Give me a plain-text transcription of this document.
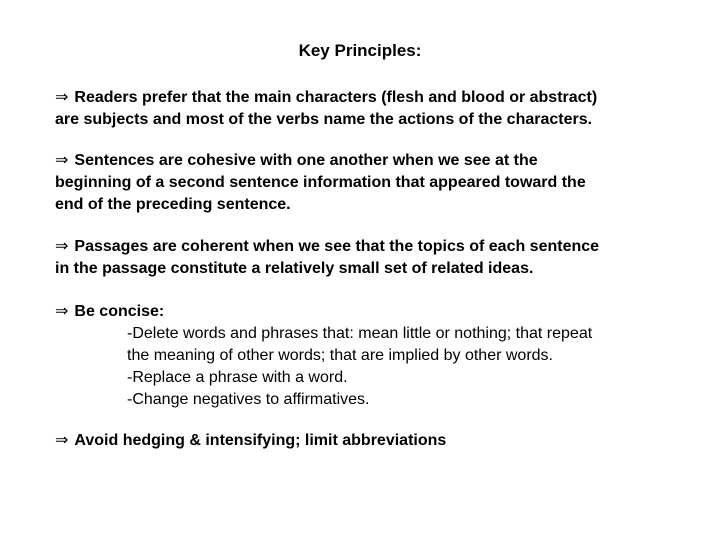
Key Principles:
⇒ Readers prefer that the main characters (flesh and blood or abstract)
are subjects and most of the verbs name the actions of the characters.
⇒ Sentences are cohesive with one another when we see at the
beginning of a second sentence information that appeared toward the
end of the preceding sentence.
⇒ Passages are coherent when we see that the topics of each sentence
in the passage constitute a relatively small set of related ideas.
⇒ Be concise:
-Delete words and phrases that: mean little or nothing; that repeat
the meaning of other words; that are implied by other words.
-Replace a phrase with a word.
-Change negatives to affirmatives.
⇒ Avoid hedging & intensifying; limit abbreviations
